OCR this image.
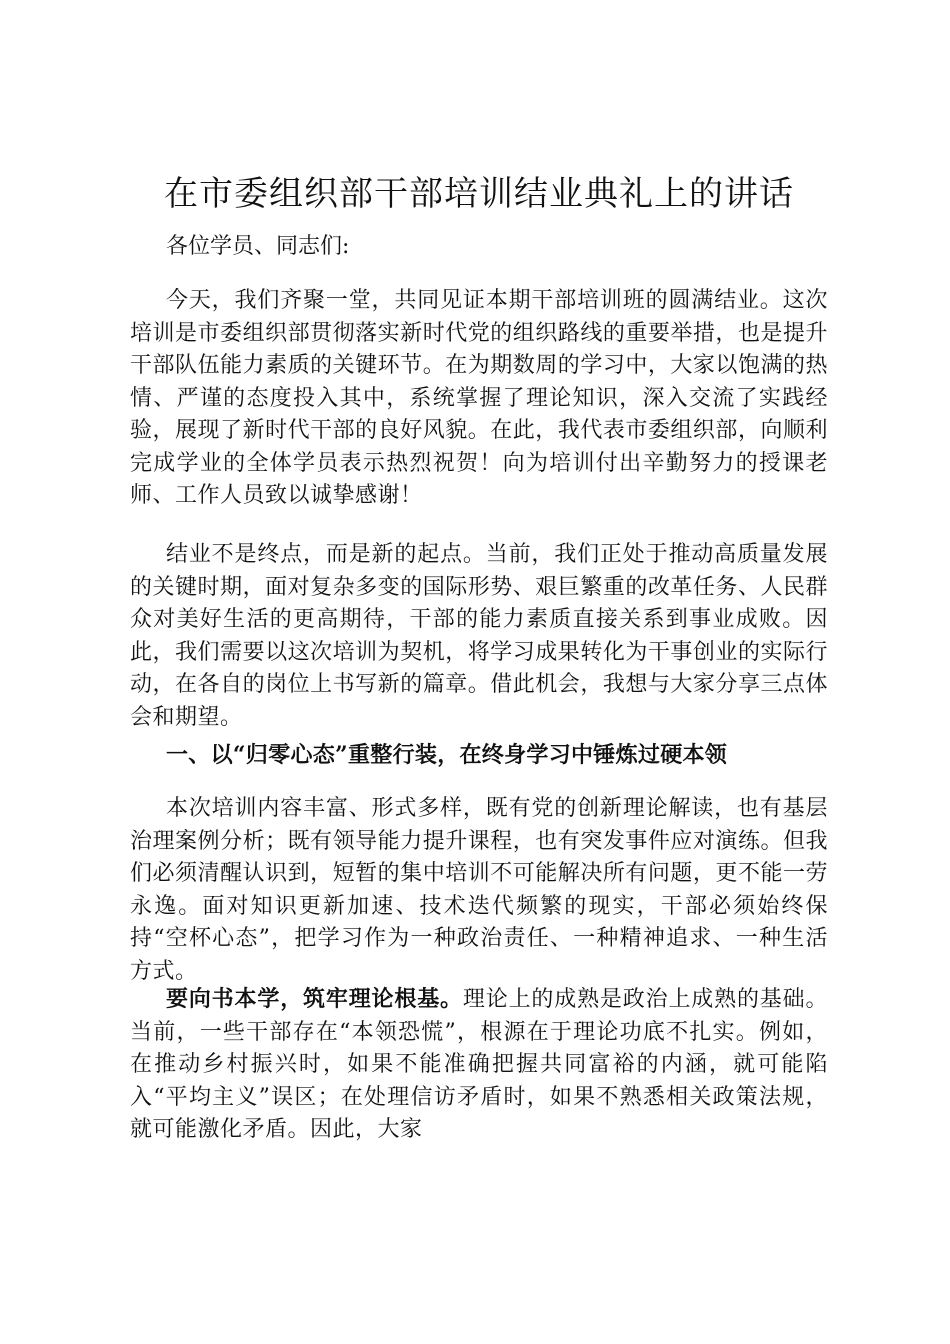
在市委组织部干部培训结业典礼上的讲话

各位学员、同志们:

今天，我们齐聚一堂，共同见证本期干部培训班的圆满结业。这次培训是市委组织部贯彻落实新时代党的组织路线的重要举措，也是提升干部队伍能力素质的关键环节。在为期数周的学习中，大家以饱满的热情、严谨的态度投入其中，系统掌握了理论知识，深入交流了实践经验，展现了新时代干部的良好风貌。在此，我代表市委组织部，向顺利完成学业的全体学员表示热烈祝贺！向为培训付出辛勤努力的授课老师、工作人员致以诚挚感谢！

结业不是终点，而是新的起点。当前，我们正处于推动高质量发展的关键时期，面对复杂多变的国际形势、艰巨繁重的改革任务、人民群众对美好生活的更高期待，干部的能力素质直接关系到事业成败。因此，我们需要以这次培训为契机，将学习成果转化为干事创业的实际行动，在各自的岗位上书写新的篇章。借此机会，我想与大家分享三点体会和期望。

一、以“归零心态”重整行装，在终身学习中锤炼过硬本领

本次培训内容丰富、形式多样，既有党的创新理论解读，也有基层治理案例分析；既有领导能力提升课程，也有突发事件应对演练。但我们必须清醒认识到，短暂的集中培训不可能解决所有问题，更不能一劳永逸。面对知识更新加速、技术迭代频繁的现实，干部必须始终保持“空杯心态”，把学习作为一种政治责任、一种精神追求、一种生活方式。

要向书本学，筑牢理论根基。理论上的成熟是政治上成熟的基础。当前，一些干部存在“本领恐慌”，根源在于理论功底不扎实。例如，在推动乡村振兴时，如果不能准确把握共同富裕的内涵，就可能陷入“平均主义”误区；在处理信访矛盾时，如果不熟悉相关政策法规，就可能激化矛盾。因此，大家
